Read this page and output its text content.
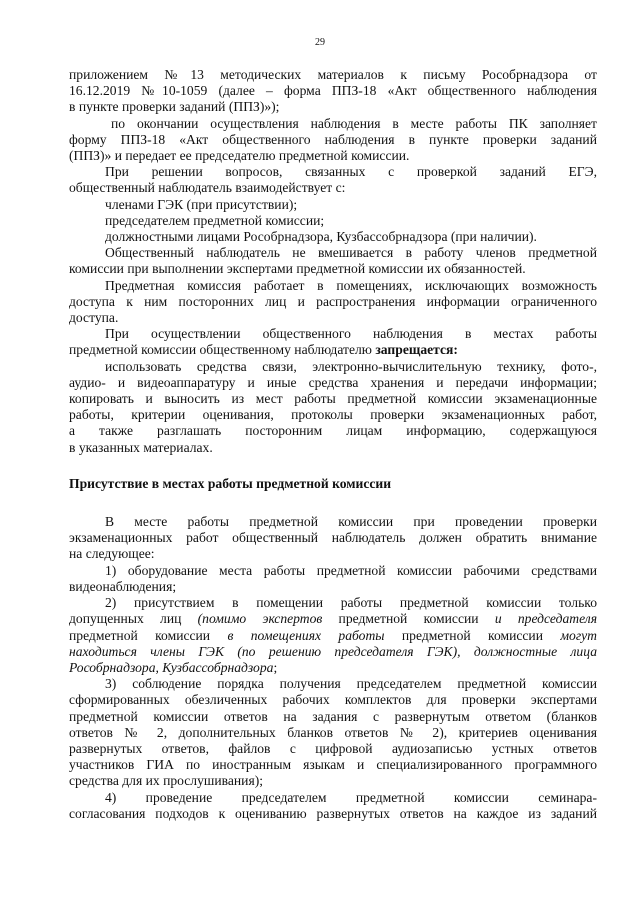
29

приложением №13 методических материалов к письму Рособрнадзора от

16.12.2019 №10-1059 (далее – форма ППЗ-18 «Акт общественного наблюдения

в пункте проверки заданий (ППЗ)»);

по окончании осуществления наблюдения в месте работы ПК заполняет

форму ППЗ-18 «Акт общественного наблюдения в пункте проверки заданий

(ППЗ)» и передает ее председателю предметной комиссии.

При решении вопросов, связанных с проверкой заданий ЕГЭ,

общественный наблюдатель взаимодействует с:

членами ГЭК (при присутствии);

председателем предметной комиссии;

должностными лицами Рособрнадзора, Кузбассобрнадзора (при наличии).

Общественный наблюдатель не вмешивается в работу членов предметной

комиссии при выполнении экспертами предметной комиссии их обязанностей.

Предметная комиссия работает в помещениях, исключающих возможность

доступа к ним посторонних лиц и распространения информации ограниченного

доступа.

При осуществлении общественного наблюдения в местах работы

предметной комиссии общественному наблюдателю запрещается:

использовать средства связи, электронно-вычислительную технику, фото-,

аудио- и видеоаппаратуру и иные средства хранения и передачи информации;

копировать и выносить из мест работы предметной комиссии экзаменационные

работы, критерии оценивания, протоколы проверки экзаменационных работ,

а также разглашать посторонним лицам информацию, содержащуюся

в указанных материалах.

Присутствие в местах работы предметной комиссии

В месте работы предметной комиссии при проведении проверки

экзаменационных работ общественный наблюдатель должен обратить внимание

на следующее:

1) оборудование места работы предметной комиссии рабочими средствами

видеонаблюдения;

2) присутствием в помещении работы предметной комиссии только

допущенных лиц (помимо экспертов предметной комиссии и председателя

предметной комиссии в помещениях работы предметной комиссии могут

находиться члены ГЭК (по решению председателя ГЭК), должностные лица

Рособрнадзора, Кузбассобрнадзора;

3) соблюдение порядка получения председателем предметной комиссии

сформированных обезличенных рабочих комплектов для проверки экспертами

предметной комиссии ответов на задания с развернутым ответом (бланков

ответов № 2, дополнительных бланков ответов № 2), критериев оценивания

развернутых ответов, файлов с цифровой аудиозаписью устных ответов

участников ГИА по иностранным языкам и специализированного программного

средства для их прослушивания);

4) проведение председателем предметной комиссии семинара-

согласования подходов к оцениванию развернутых ответов на каждое из заданий
